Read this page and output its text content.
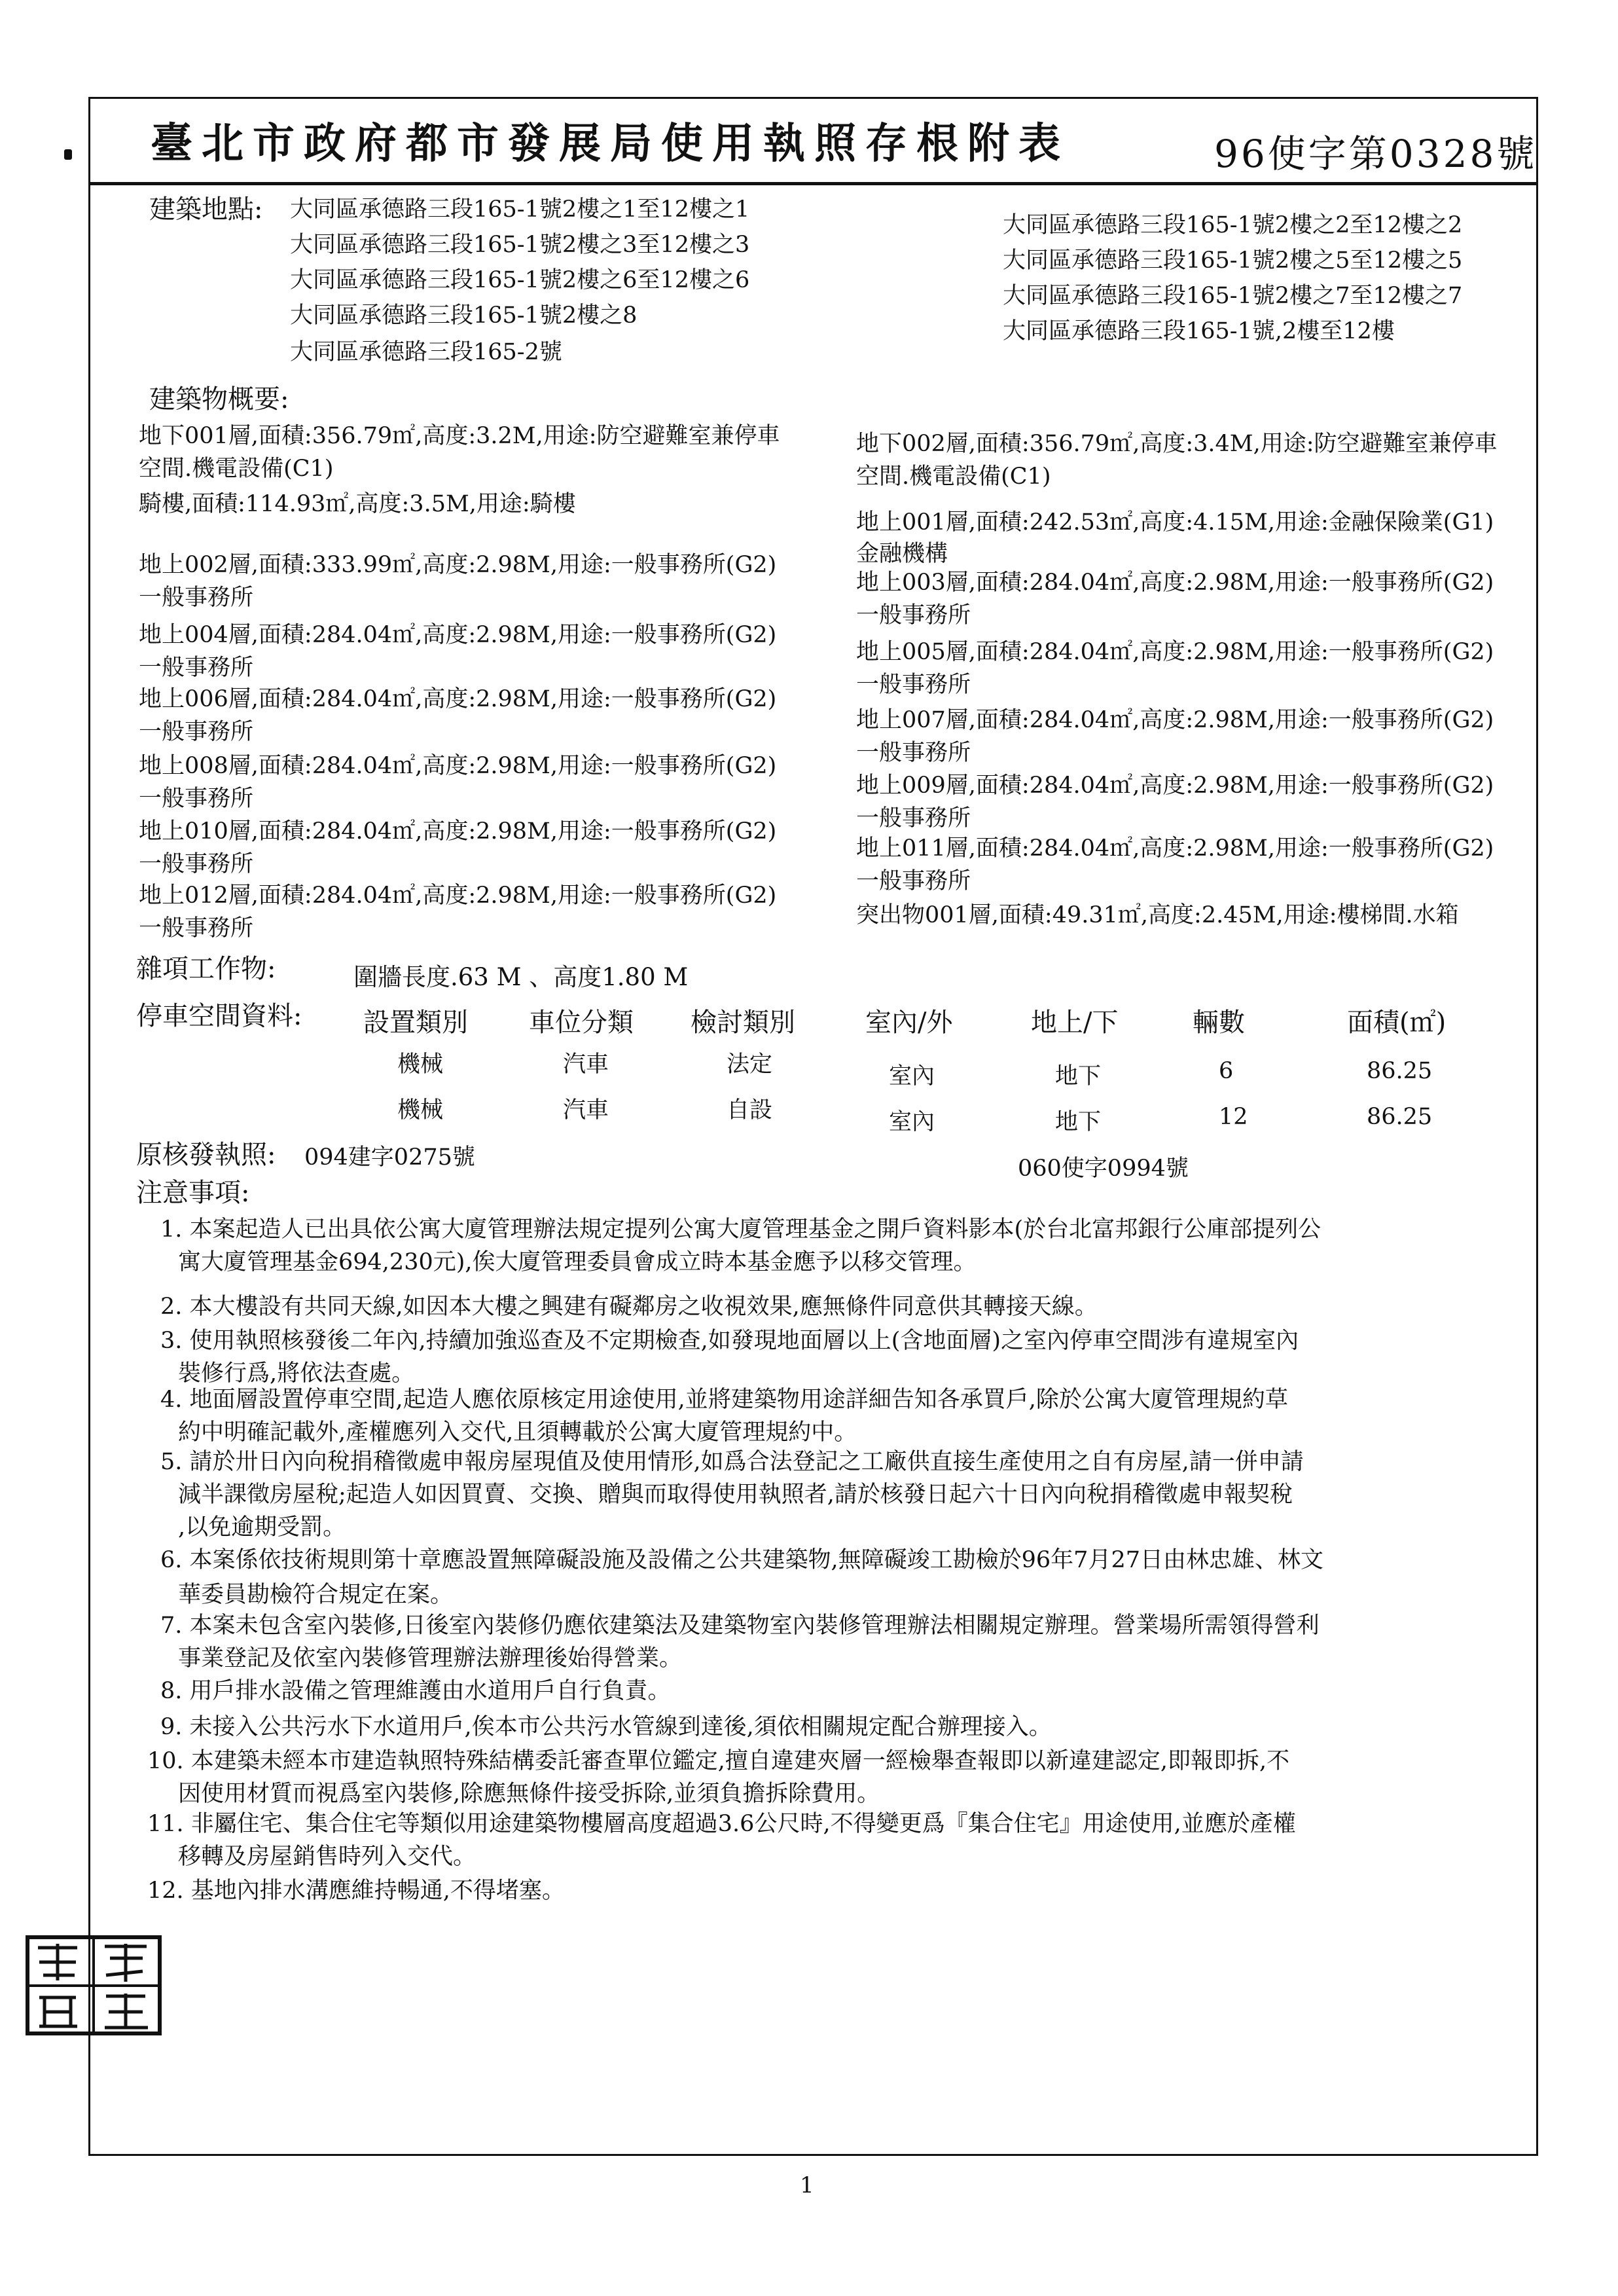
臺北市政府都市發展局使用執照存根附表	96使字第0328號
建築地點: 大同區承德路三段165-1號2樓之1至12樓之1
大同區承德路三段165-1號2樓之3至12樓之3
大同區承德路三段165-1號2樓之6至12樓之6
大同區承德路三段165-1號2樓之8
大同區承德路三段165-2號
大同區承德路三段165-1號2樓之2至12樓之2
大同區承德路三段165-1號2樓之5至12樓之5
大同區承德路三段165-1號2樓之7至12樓之7
大同區承德路三段165-1號,2樓至12樓
建築物概要:
地下001層,面積:356.79㎡,高度:3.2M,用途:防空避難室兼停車
空間.機電設備(C1)
騎樓,面積:114.93㎡,高度:3.5M,用途:騎樓
地上002層,面積:333.99㎡,高度:2.98M,用途:一般事務所(G2)
一般事務所
地上004層,面積:284.04㎡,高度:2.98M,用途:一般事務所(G2)
一般事務所
地上006層,面積:284.04㎡,高度:2.98M,用途:一般事務所(G2)
一般事務所
地上008層,面積:284.04㎡,高度:2.98M,用途:一般事務所(G2)
一般事務所
地上010層,面積:284.04㎡,高度:2.98M,用途:一般事務所(G2)
一般事務所
地上012層,面積:284.04㎡,高度:2.98M,用途:一般事務所(G2)
一般事務所
地下002層,面積:356.79㎡,高度:3.4M,用途:防空避難室兼停車
空間.機電設備(C1)
地上001層,面積:242.53㎡,高度:4.15M,用途:金融保險業(G1)
金融機構
地上003層,面積:284.04㎡,高度:2.98M,用途:一般事務所(G2)
一般事務所
地上005層,面積:284.04㎡,高度:2.98M,用途:一般事務所(G2)
一般事務所
地上007層,面積:284.04㎡,高度:2.98M,用途:一般事務所(G2)
一般事務所
地上009層,面積:284.04㎡,高度:2.98M,用途:一般事務所(G2)
一般事務所
地上011層,面積:284.04㎡,高度:2.98M,用途:一般事務所(G2)
一般事務所
突出物001層,面積:49.31㎡,高度:2.45M,用途:樓梯間.水箱
雜項工作物:	圍牆長度.63 M 、高度1.80 M
停車空間資料: 設置類別 車位分類 檢討類別	室內/外	地上/下	輛數	面積(㎡)
機械	汽車	法定	室內	地下	6	86.25
機械	汽車	自設	室內	地下	12	86.25
原核發執照: 094建字0275號	060使字0994號
注意事項:
1. 本案起造人已出具依公寓大廈管理辦法規定提列公寓大廈管理基金之開戶資料影本(於台北富邦銀行公庫部提列公
寓大廈管理基金694,230元),俟大廈管理委員會成立時本基金應予以移交管理。
2. 本大樓設有共同天線,如因本大樓之興建有礙鄰房之收視效果,應無條件同意供其轉接天線。
3. 使用執照核發後二年內,持續加強巡查及不定期檢查,如發現地面層以上(含地面層)之室內停車空間涉有違規室內
裝修行爲,將依法查處。
4. 地面層設置停車空間,起造人應依原核定用途使用,並將建築物用途詳細告知各承買戶,除於公寓大廈管理規約草
約中明確記載外,產權應列入交代,且須轉載於公寓大廈管理規約中。
5. 請於卅日內向稅捐稽徵處申報房屋現值及使用情形,如爲合法登記之工廠供直接生產使用之自有房屋,請一併申請
減半課徵房屋稅;起造人如因買賣、交換、贈與而取得使用執照者,請於核發日起六十日內向稅捐稽徵處申報契稅
,以免逾期受罰。
6. 本案係依技術規則第十章應設置無障礙設施及設備之公共建築物,無障礙竣工勘檢於96年7月27日由林忠雄、林文
華委員勘檢符合規定在案。
7. 本案未包含室內裝修,日後室內裝修仍應依建築法及建築物室內裝修管理辦法相關規定辦理。營業場所需領得營利
事業登記及依室內裝修管理辦法辦理後始得營業。
8. 用戶排水設備之管理維護由水道用戶自行負責。
9. 未接入公共污水下水道用戶,俟本市公共污水管線到達後,須依相關規定配合辦理接入。
10. 本建築未經本市建造執照特殊結構委託審查單位鑑定,擅自違建夾層一經檢舉查報即以新違建認定,即報即拆,不
因使用材質而視爲室內裝修,除應無條件接受拆除,並須負擔拆除費用。
11. 非屬住宅、集合住宅等類似用途建築物樓層高度超過3.6公尺時,不得變更爲『集合住宅』用途使用,並應於產權
移轉及房屋銷售時列入交代。
12. 基地內排水溝應維持暢通,不得堵塞。
1
